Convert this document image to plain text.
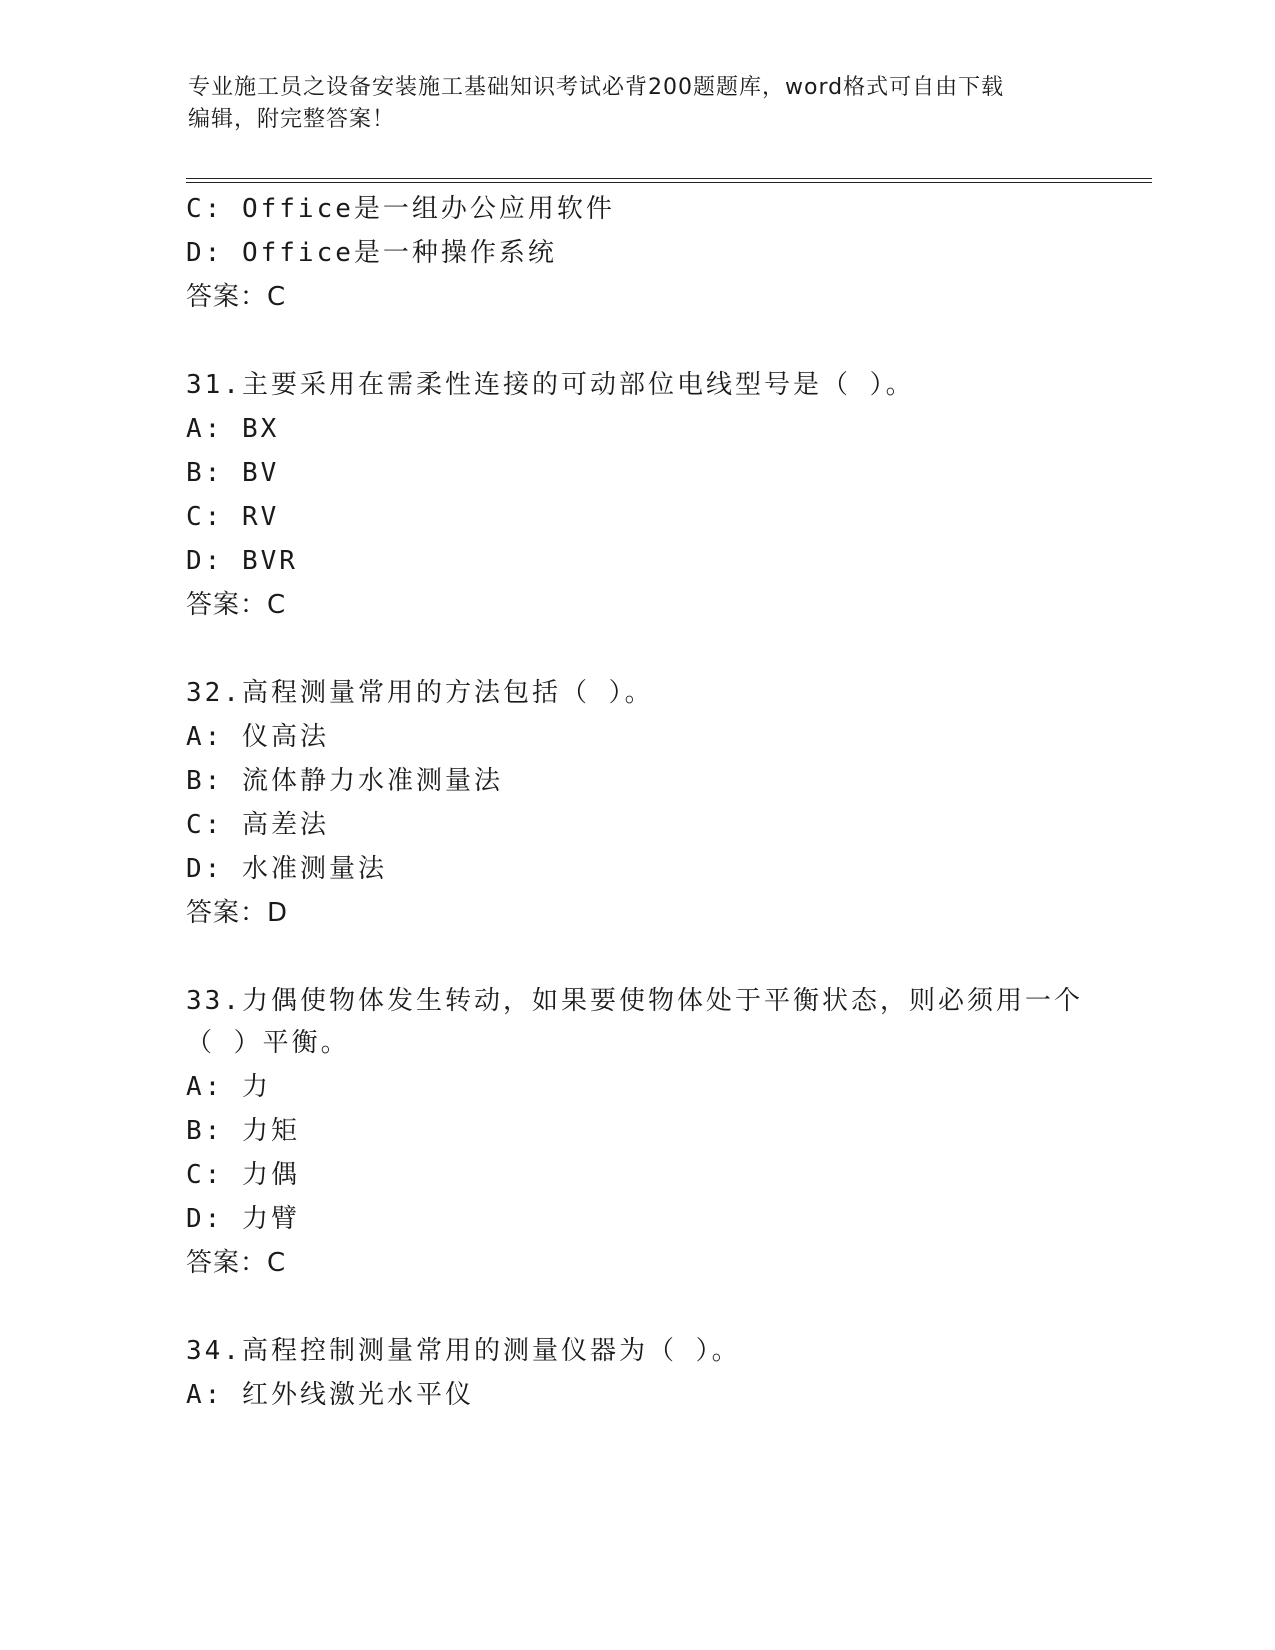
专业施工员之设备安装施工基础知识考试必背200题题库，word格式可自由下载
编辑，附完整答案！
C: Office是一组办公应用软件
D: Office是一种操作系统
答案：C
31.主要采用在需柔性连接的可动部位电线型号是（ ）。
A: BX
B: BV
C: RV
D: BVR
答案：C
32.高程测量常用的方法包括（ ）。
A: 仪高法
B: 流体静力水准测量法
C: 高差法
D: 水准测量法
答案：D
33.力偶使物体发生转动，如果要使物体处于平衡状态，则必须用一个
（ ）平衡。
A: 力
B: 力矩
C: 力偶
D: 力臂
答案：C
34.高程控制测量常用的测量仪器为（ ）。
A: 红外线激光水平仪
